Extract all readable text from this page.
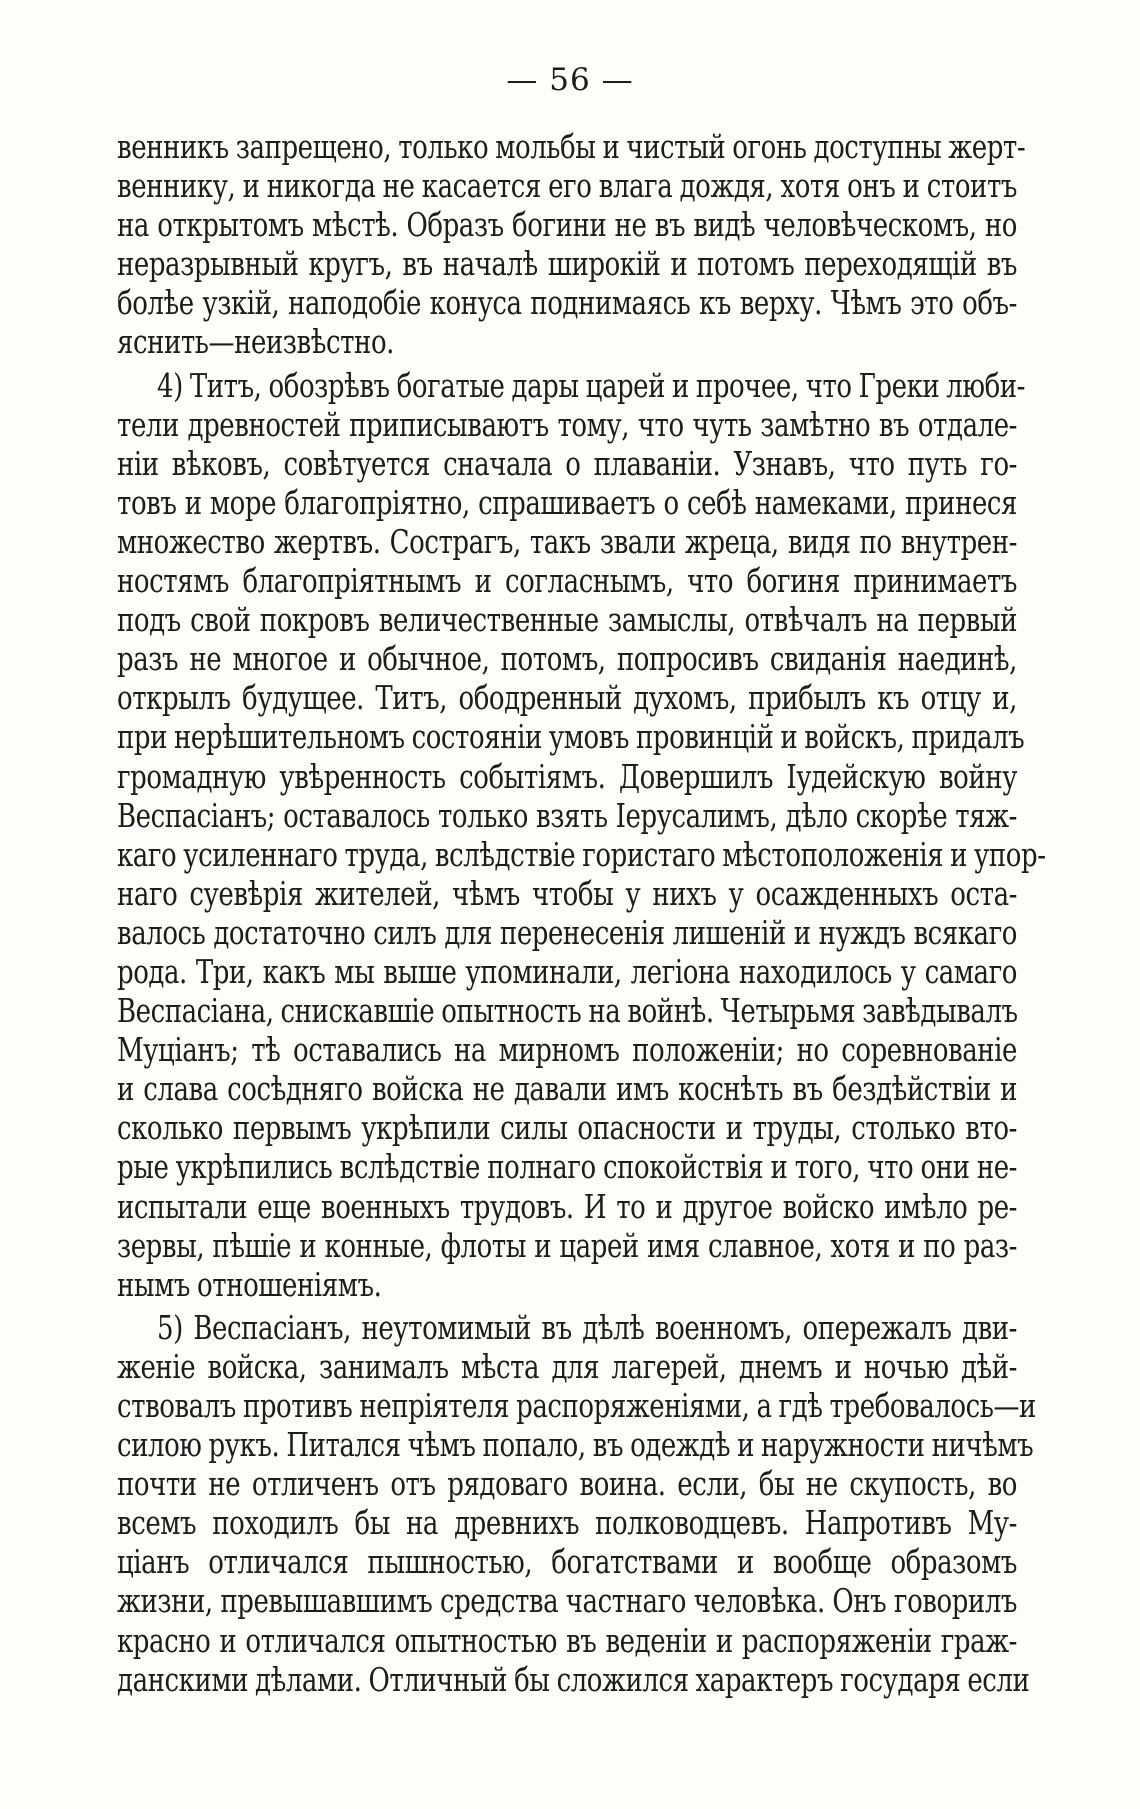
— 56 —
венникъ запрещено, только мольбы и чистый огонь доступны жерт-
веннику, и никогда не касается его влага дождя, хотя онъ и стоитъ
на открытомъ мѣстѣ. Образъ богини не въ видѣ человѣческомъ, но
неразрывный кругъ, въ началѣ широкій и потомъ переходящій въ
болѣе узкій, наподобіе конуса поднимаясь къ верху. Чѣмъ это объ-
яснить—неизвѣстно.
4) Титъ, обозрѣвъ богатые дары царей и прочее, что Греки люби-
тели древностей приписываютъ тому, что чуть замѣтно въ отдале-
ніи вѣковъ, совѣтуется сначала о плаваніи. Узнавъ, что путь го-
товъ и море благопріятно, спрашиваетъ о себѣ намеками, принеся
множество жертвъ. Сострагъ, такъ звали жреца, видя по внутрен-
ностямъ благопріятнымъ и согласнымъ, что богиня принимаетъ
подъ свой покровъ величественные замыслы, отвѣчалъ на первый
разъ не многое и обычное, потомъ, попросивъ свиданія наединѣ,
открылъ будущее. Титъ, ободренный духомъ, прибылъ къ отцу и,
при нерѣшительномъ состояніи умовъ провинцій и войскъ, придалъ
громадную увѣренность событіямъ. Довершилъ Іудейскую войну
Веспасіанъ; оставалось только взять Іерусалимъ, дѣло скорѣе тяж-
каго усиленнаго труда, вслѣдствіе гористаго мѣстоположенія и упор-
наго суевѣрія жителей, чѣмъ чтобы у нихъ у осажденныхъ оста-
валось достаточно силъ для перенесенія лишеній и нуждъ всякаго
рода. Три, какъ мы выше упоминали, легіона находилось у самаго
Веспасіана, снискавшіе опытность на войнѣ. Четырьмя завѣдывалъ
Муціанъ; тѣ оставались на мирномъ положеніи; но соревнованіе
и слава сосѣдняго войска не давали имъ коснѣть въ бездѣйствіи и
сколько первымъ укрѣпили силы опасности и труды, столько вто-
рые укрѣпились вслѣдствіе полнаго спокойствія и того, что они не-
испытали еще военныхъ трудовъ. И то и другое войско имѣло ре-
зервы, пѣшіе и конные, флоты и царей имя славное, хотя и по раз-
нымъ отношеніямъ.
5) Веспасіанъ, неутомимый въ дѣлѣ военномъ, опережалъ дви-
женіе войска, занималъ мѣста для лагерей, днемъ и ночью дѣй-
ствовалъ противъ непріятеля распоряженіями, а гдѣ требовалось—и
силою рукъ. Питался чѣмъ попало, въ одеждѣ и наружности ничѣмъ
почти не отличенъ отъ рядоваго воина. если, бы не скупость, во
всемъ походилъ бы на древнихъ полководцевъ. Напротивъ Му-
ціанъ отличался пышностью, богатствами и вообще образомъ
жизни, превышавшимъ средства частнаго человѣка. Онъ говорилъ
красно и отличался опытностью въ веденіи и распоряженіи граж-
данскими дѣлами. Отличный бы сложился характеръ государя если
